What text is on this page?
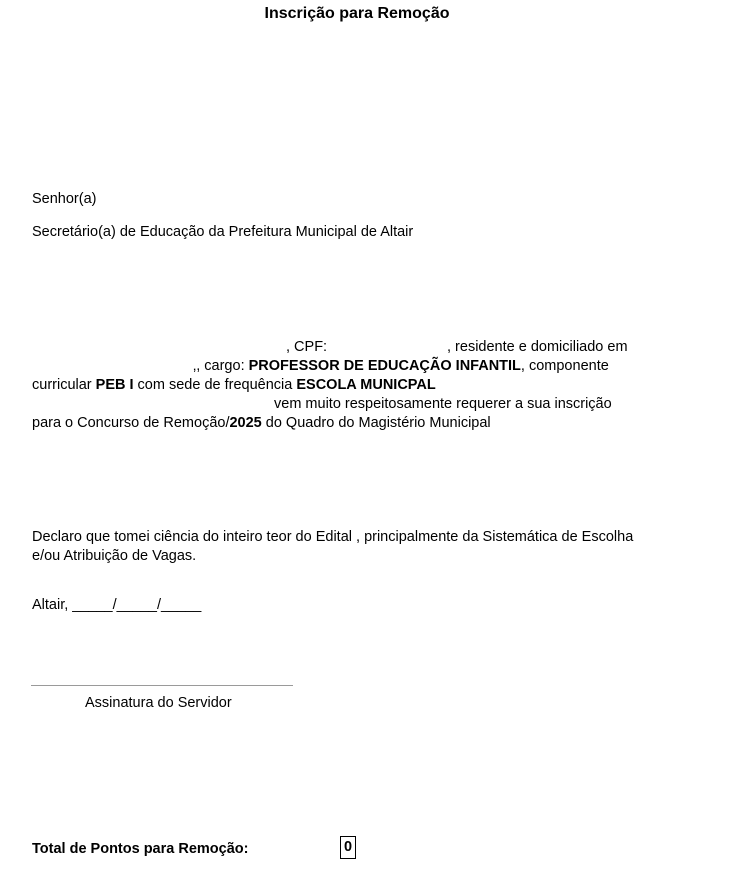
Inscrição para Remoção
Senhor(a)
Secretário(a) de Educação da Prefeitura Municipal de Altair
, CPF:	, residente e domiciliado em
‚, cargo: PROFESSOR DE EDUCAÇÃO INFANTIL, componente
curricular PEB I com sede de frequência ESCOLA MUNICPAL
vem muito respeitosamente requerer a sua inscrição
para o Concurso de Remoção/2025 do Quadro do Magistério Municipal
Declaro que tomei ciência do inteiro teor do Edital , principalmente da Sistemática de Escolha
e/ou Atribuição de Vagas.
Altair, _____/_____/_____
Assinatura do Servidor
Total de Pontos para Remoção:	0
